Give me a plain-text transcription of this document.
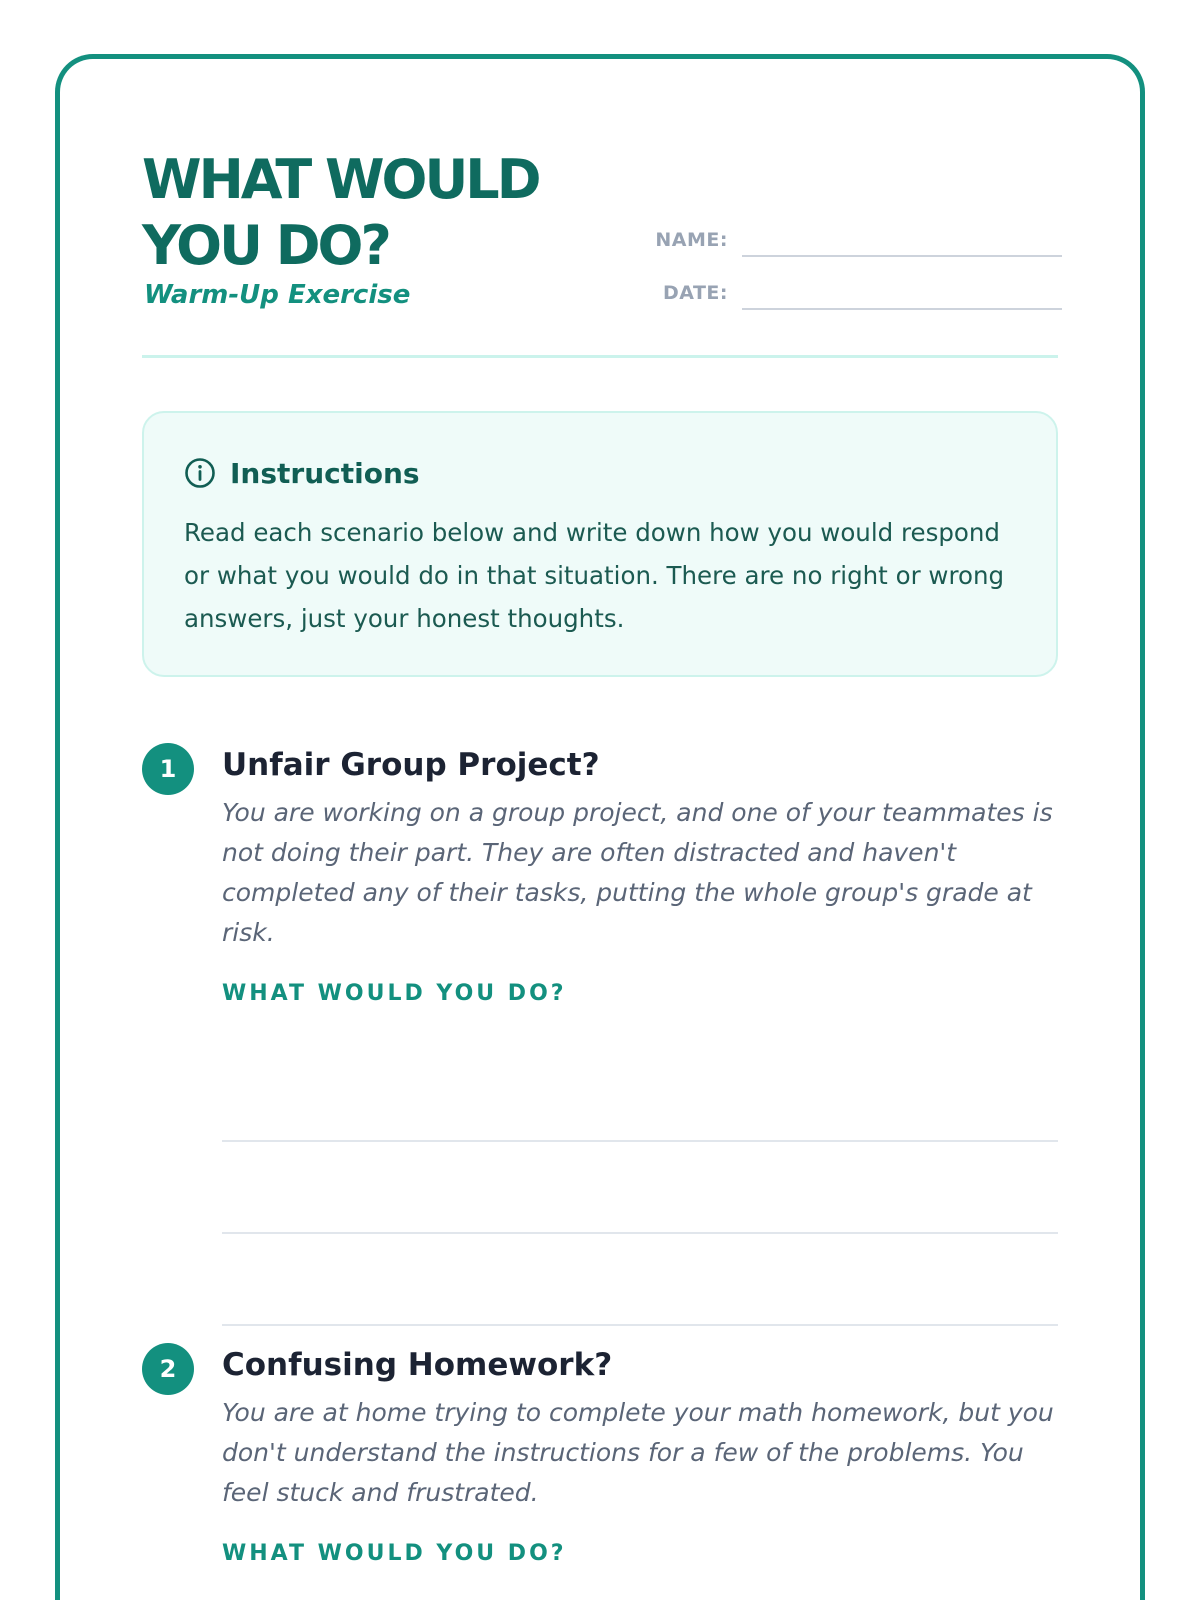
WHAT WOULD
YOU DO?

Warm-Up Exercise

NAME:
DATE:
Instructions

Read each scenario below and write down how you would respond or what you would do in that situation. There are no right or wrong answers, just your honest thoughts.

1	Unfair Group Project?

You are working on a group project, and one of your teammates is not doing their part. They are often distracted and haven't completed any of their tasks, putting the whole group's grade at risk.

WHAT WOULD YOU DO?

2	Confusing Homework?

You are at home trying to complete your math homework, but you don't understand the instructions for a few of the problems. You feel stuck and frustrated.

WHAT WOULD YOU DO?
